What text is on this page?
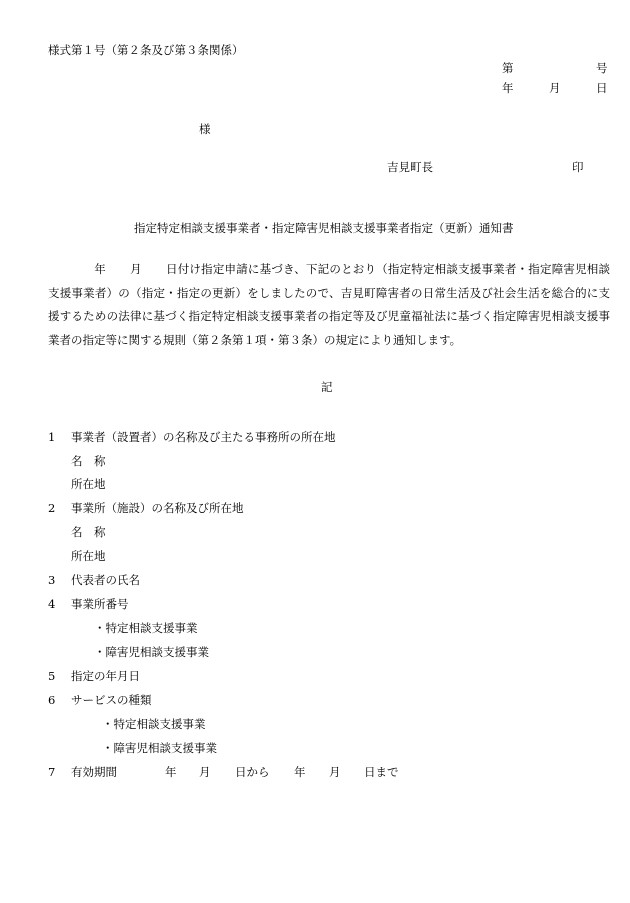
様式第１号（第２条及び第３条関係）
第	号
年	月	日
様
吉見町長	印
指定特定相談支援事業者・指定障害児相談支援事業者指定（更新）通知書
年 月 日付け指定申請に基づき、下記のとおり（指定特定相談支援事業者・指定障害児相談支援事業者）の（指定・指定の更新）をしましたので、吉見町障害者の日常生活及び社会生活を総合的に支援するための法律に基づく指定特定相談支援事業者の指定等及び児童福祉法に基づく指定障害児相談支援事業者の指定等に関する規則（第２条第１項・第３条）の規定により通知します。
記
1 事業者（設置者）の名称及び主たる事務所の所在地
名　称
所在地
2 事業所（施設）の名称及び所在地
名　称
所在地
3 代表者の氏名
4 事業所番号
・特定相談支援事業
・障害児相談支援事業
5 指定の年月日
6 サービスの種類
・特定相談支援事業
・障害児相談支援事業
7 有効期間	年 月 日から 年 月 日まで
